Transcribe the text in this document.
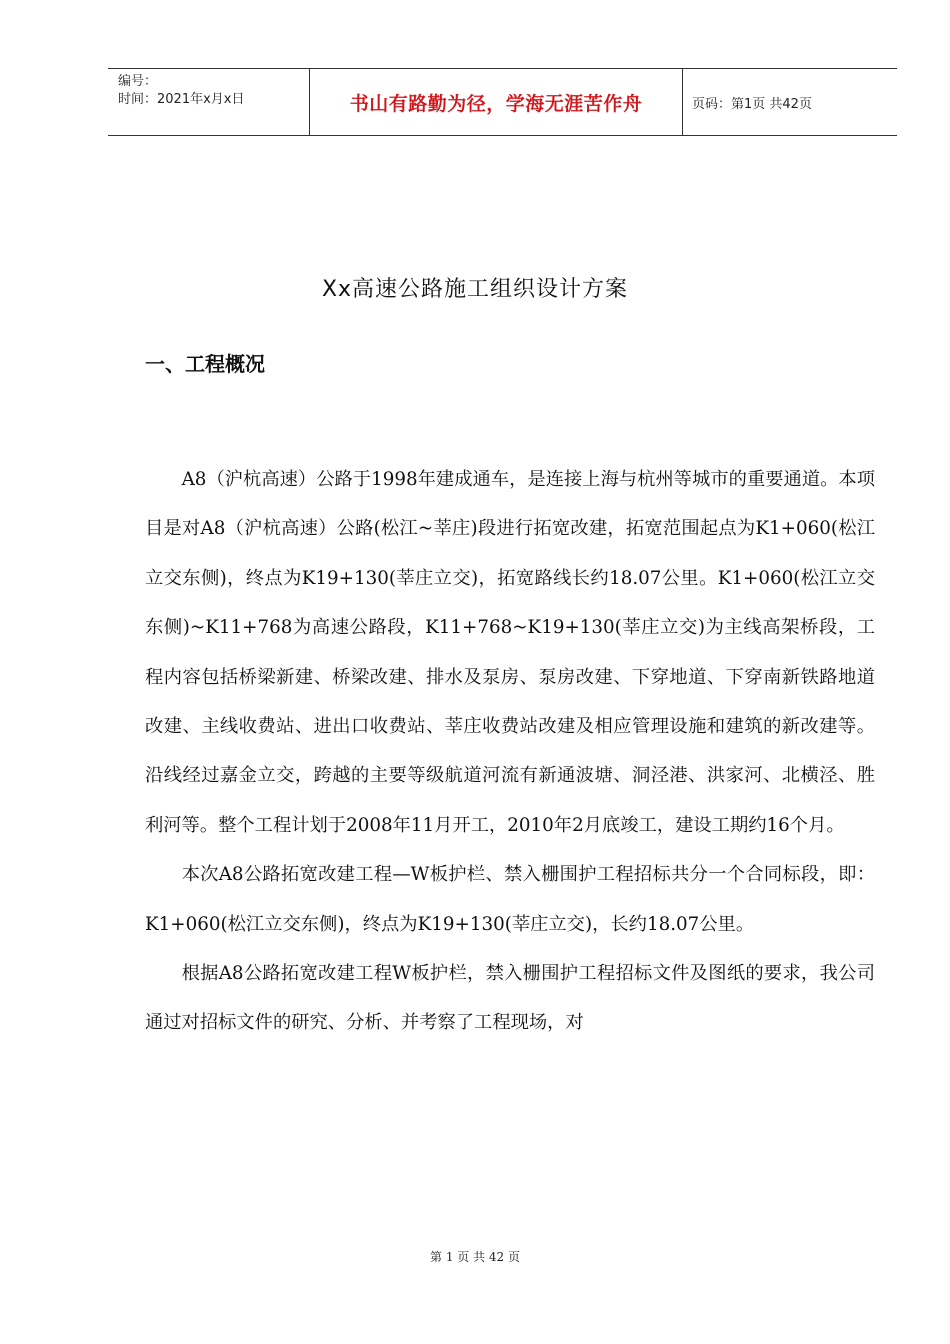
编号：
时间：2021年x月x日	书山有路勤为径，学海无涯苦作舟	页码：第1页 共42页
Xx高速公路施工组织设计方案
一、工程概况

A8（沪杭高速）公路于1998年建成通车，是连接上海与杭州等城市的重要通道。本项目是对A8（沪杭高速）公路(松江~莘庄)段进行拓宽改建，拓宽范围起点为K1+060(松江立交东侧)，终点为K19+130(莘庄立交)，拓宽路线长约18.07公里。K1+060(松江立交东侧)~K11+768为高速公路段，K11+768~K19+130(莘庄立交)为主线高架桥段，工程内容包括桥梁新建、桥梁改建、排水及泵房、泵房改建、下穿地道、下穿南新铁路地道改建、主线收费站、进出口收费站、莘庄收费站改建及相应管理设施和建筑的新改建等。沿线经过嘉金立交，跨越的主要等级航道河流有新通波塘、洞泾港、洪家河、北横泾、胜利河等。整个工程计划于2008年11月开工，2010年2月底竣工，建设工期约16个月。

本次A8公路拓宽改建工程—W板护栏、禁入栅围护工程招标共分一个合同标段，即：K1+060(松江立交东侧)，终点为K19+130(莘庄立交)，长约18.07公里。

根据A8公路拓宽改建工程W板护栏，禁入栅围护工程招标文件及图纸的要求，我公司通过对招标文件的研究、分析、并考察了工程现场，对

第 1 页 共 42 页
